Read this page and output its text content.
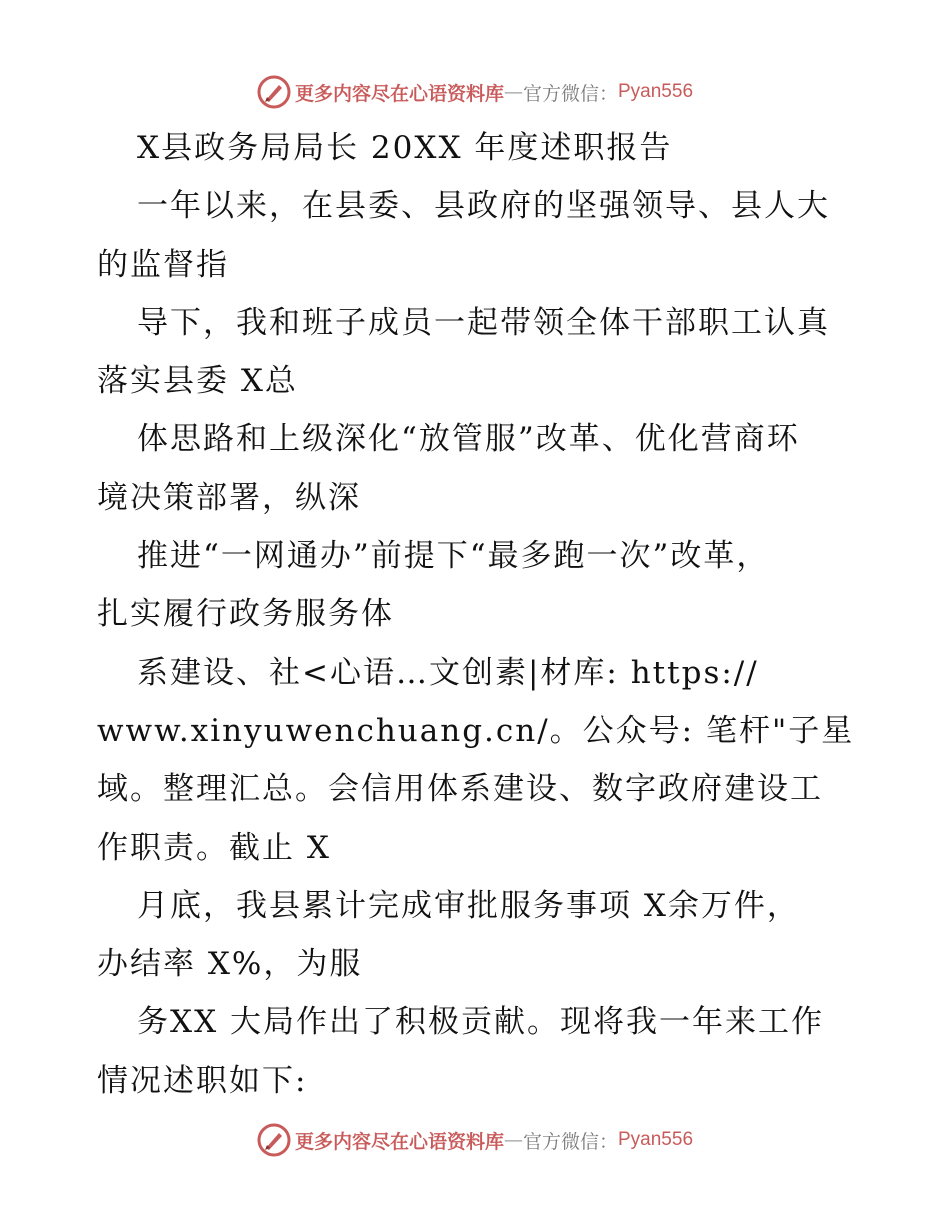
更多内容尽在心语资料库 — 官方微信： Pyan556
X县政务局局长 20XX 年度述职报告
一年以来，在县委、县政府的坚强领导、县人大
的监督指
导下，我和班子成员一起带领全体干部职工认真
落实县委 X总
体思路和上级深化“放管服”改革、优化营商环
境决策部署，纵深
推进“一网通办”前提下“最多跑一次”改革，
扎实履行政务服务体
系建设、社<心语…文创素|材库: https://
www.xinyuwenchuang.cn/。公众号: 笔杆"子星
域。整理汇总。会信用体系建设、数字政府建设工
作职责。截止 X
月底，我县累计完成审批服务事项 X余万件，
办结率 X%，为服
务XX 大局作出了积极贡献。现将我一年来工作
情况述职如下:
更多内容尽在心语资料库 — 官方微信： Pyan556
